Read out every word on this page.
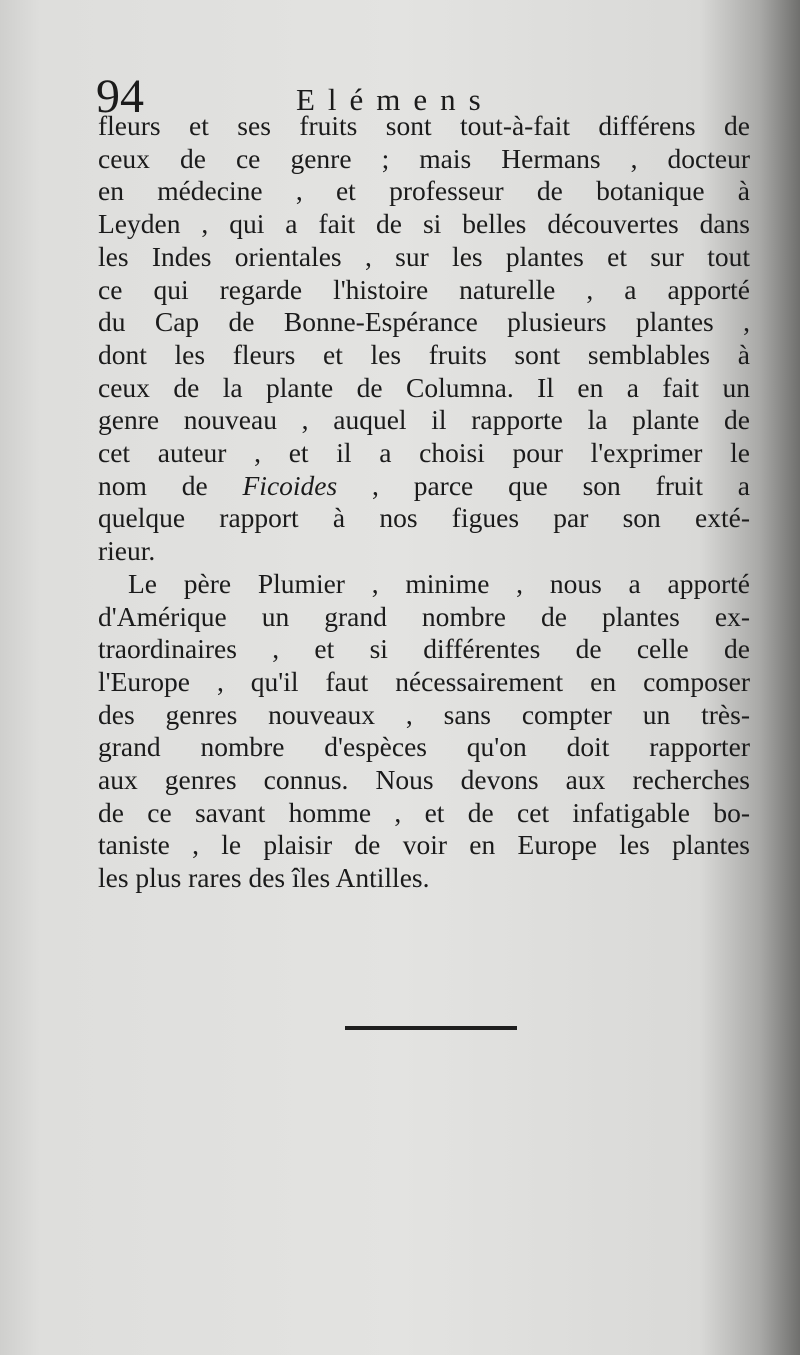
94	Elémens
fleurs et ses fruits sont tout-à-fait différens de
ceux de ce genre ; mais Hermans , docteur
en médecine , et professeur de botanique à
Leyden , qui a fait de si belles découvertes dans
les Indes orientales , sur les plantes et sur tout
ce qui regarde l'histoire naturelle , a apporté
du Cap de Bonne-Espérance plusieurs plantes ,
dont les fleurs et les fruits sont semblables à
ceux de la plante de Columna. Il en a fait un
genre nouveau , auquel il rapporte la plante de
cet auteur , et il a choisi pour l'exprimer le
nom de Ficoides , parce que son fruit a
quelque rapport à nos figues par son exté-
rieur.
Le père Plumier , minime , nous a apporté
d'Amérique un grand nombre de plantes ex-
traordinaires , et si différentes de celle de
l'Europe , qu'il faut nécessairement en composer
des genres nouveaux , sans compter un très-
grand nombre d'espèces qu'on doit rapporter
aux genres connus. Nous devons aux recherches
de ce savant homme , et de cet infatigable bo-
taniste , le plaisir de voir en Europe les plantes
les plus rares des îles Antilles.
